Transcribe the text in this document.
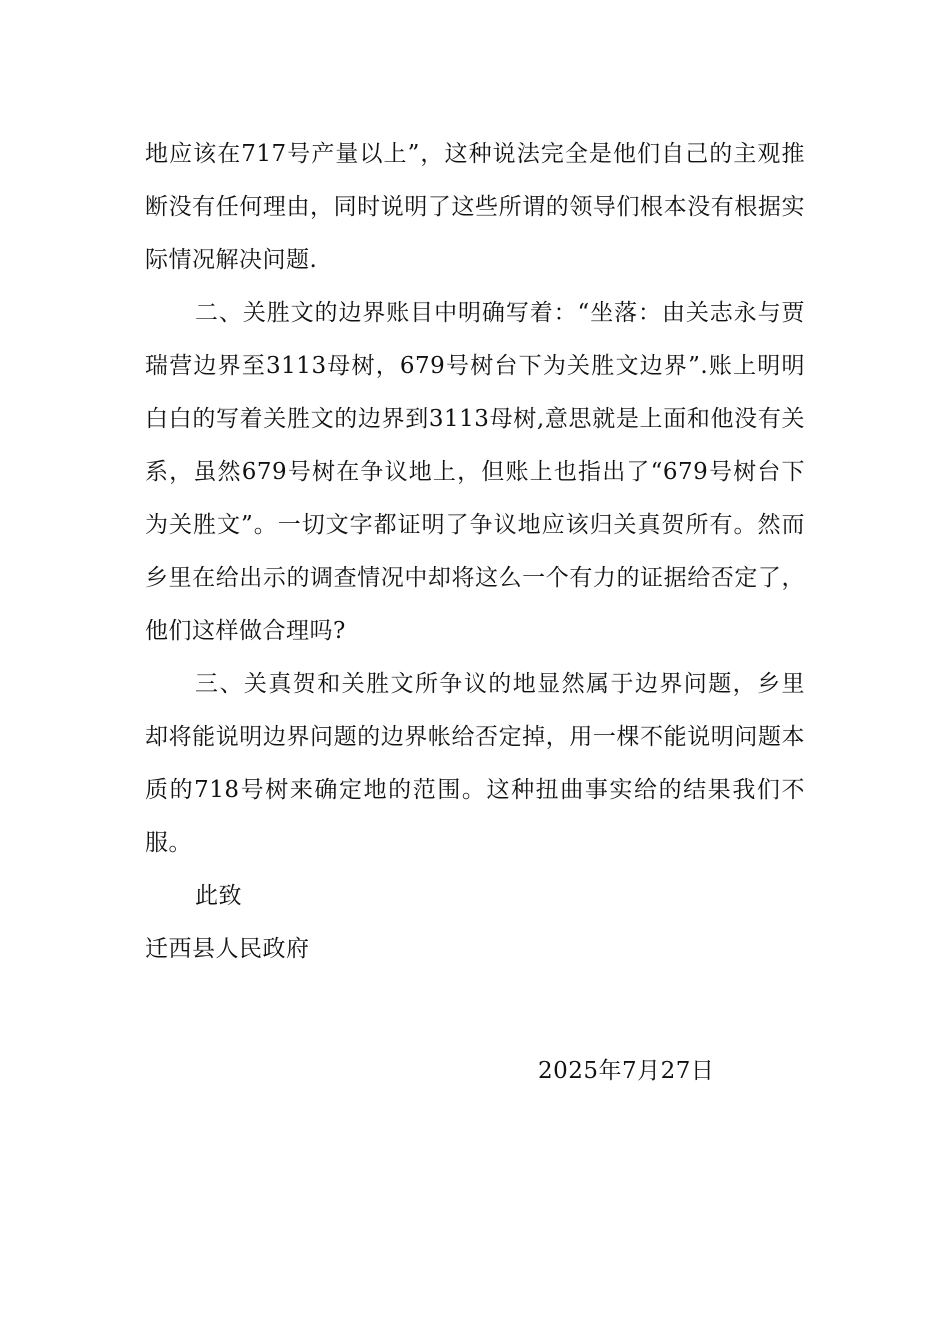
地应该在717号产量以上”，这种说法完全是他们自己的主观推断没有任何理由，同时说明了这些所谓的领导们根本没有根据实际情况解决问题.

二、关胜文的边界账目中明确写着：“坐落：由关志永与贾瑞营边界至3113母树，679号树台下为关胜文边界”.账上明明白白的写着关胜文的边界到3113母树,意思就是上面和他没有关系，虽然679号树在争议地上，但账上也指出了“679号树台下为关胜文”。一切文字都证明了争议地应该归关真贺所有。然而乡里在给出示的调查情况中却将这么一个有力的证据给否定了，他们这样做合理吗?

三、关真贺和关胜文所争议的地显然属于边界问题，乡里却将能说明边界问题的边界帐给否定掉，用一棵不能说明问题本质的718号树来确定地的范围。这种扭曲事实给的结果我们不服。

此致

迁西县人民政府

2025年7月27日
